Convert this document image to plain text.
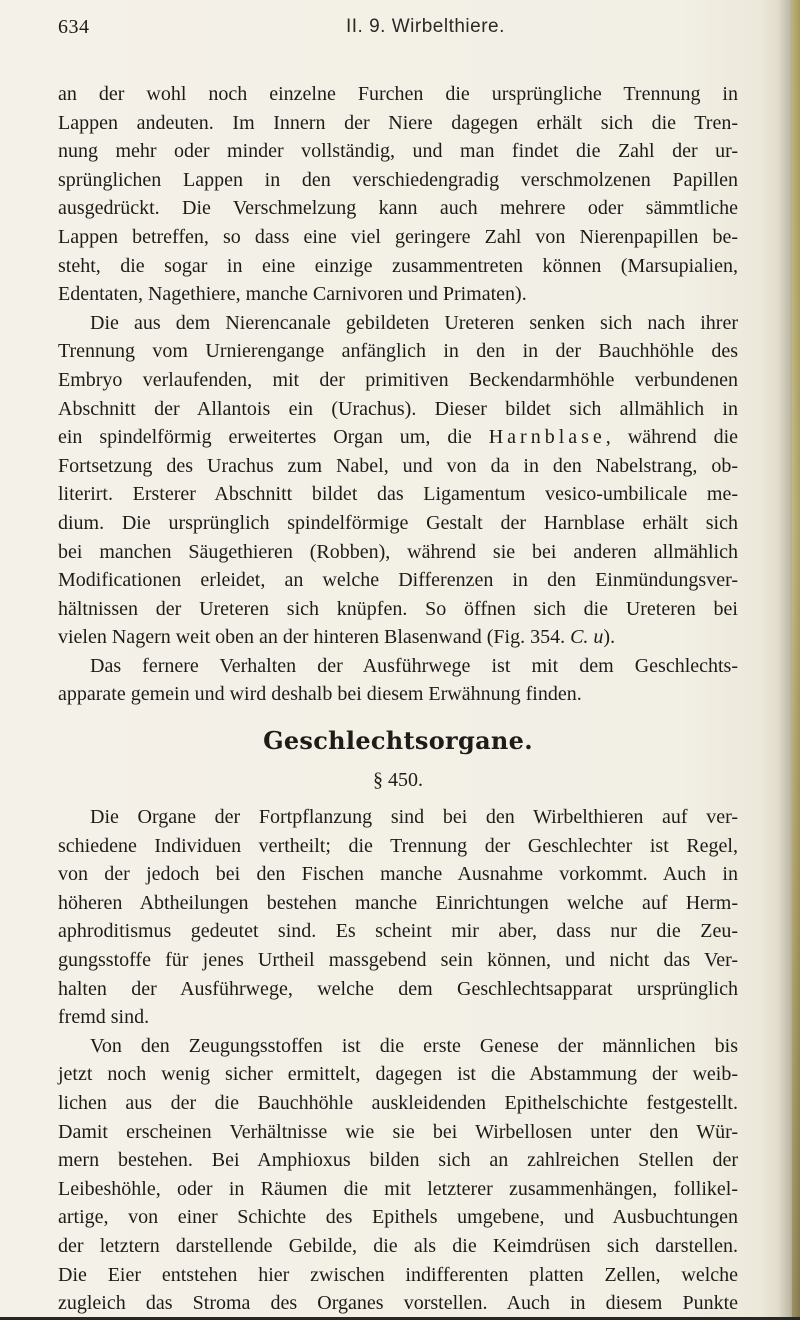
634	II. 9. Wirbelthiere.
an der wohl noch einzelne Furchen die ursprüngliche Trennung in
Lappen andeuten. Im Innern der Niere dagegen erhält sich die Tren-
nung mehr oder minder vollständig, und man findet die Zahl der ur-
sprünglichen Lappen in den verschiedengradig verschmolzenen Papillen
ausgedrückt. Die Verschmelzung kann auch mehrere oder sämmtliche
Lappen betreffen, so dass eine viel geringere Zahl von Nierenpapillen be-
steht, die sogar in eine einzige zusammentreten können (Marsupialien,
Edentaten, Nagethiere, manche Carnivoren und Primaten).
Die aus dem Nierencanale gebildeten Ureteren senken sich nach ihrer
Trennung vom Urnierengange anfänglich in den in der Bauchhöhle des
Embryo verlaufenden, mit der primitiven Beckendarmhöhle verbundenen
Abschnitt der Allantois ein (Urachus). Dieser bildet sich allmählich in
ein spindelförmig erweitertes Organ um, die Harnblase, während die
Fortsetzung des Urachus zum Nabel, und von da in den Nabelstrang, ob-
literirt. Ersterer Abschnitt bildet das Ligamentum vesico-umbilicale me-
dium. Die ursprünglich spindelförmige Gestalt der Harnblase erhält sich
bei manchen Säugethieren (Robben), während sie bei anderen allmählich
Modificationen erleidet, an welche Differenzen in den Einmündungsver-
hältnissen der Ureteren sich knüpfen. So öffnen sich die Ureteren bei
vielen Nagern weit oben an der hinteren Blasenwand (Fig. 354. C. u).
Das fernere Verhalten der Ausführwege ist mit dem Geschlechts-
apparate gemein und wird deshalb bei diesem Erwähnung finden.
Geschlechtsorgane.
§ 450.
Die Organe der Fortpflanzung sind bei den Wirbelthieren auf ver-
schiedene Individuen vertheilt; die Trennung der Geschlechter ist Regel,
von der jedoch bei den Fischen manche Ausnahme vorkommt. Auch in
höheren Abtheilungen bestehen manche Einrichtungen welche auf Herm-
aphroditismus gedeutet sind. Es scheint mir aber, dass nur die Zeu-
gungsstoffe für jenes Urtheil massgebend sein können, und nicht das Ver-
halten der Ausführwege, welche dem Geschlechtsapparat ursprünglich
fremd sind.
Von den Zeugungsstoffen ist die erste Genese der männlichen bis
jetzt noch wenig sicher ermittelt, dagegen ist die Abstammung der weib-
lichen aus der die Bauchhöhle auskleidenden Epithelschichte festgestellt.
Damit erscheinen Verhältnisse wie sie bei Wirbellosen unter den Wür-
mern bestehen. Bei Amphioxus bilden sich an zahlreichen Stellen der
Leibeshöhle, oder in Räumen die mit letzterer zusammenhängen, follikel-
artige, von einer Schichte des Epithels umgebene, und Ausbuchtungen
der letztern darstellende Gebilde, die als die Keimdrüsen sich darstellen.
Die Eier entstehen hier zwischen indifferenten platten Zellen, welche
zugleich das Stroma des Organes vorstellen. Auch in diesem Punkte
